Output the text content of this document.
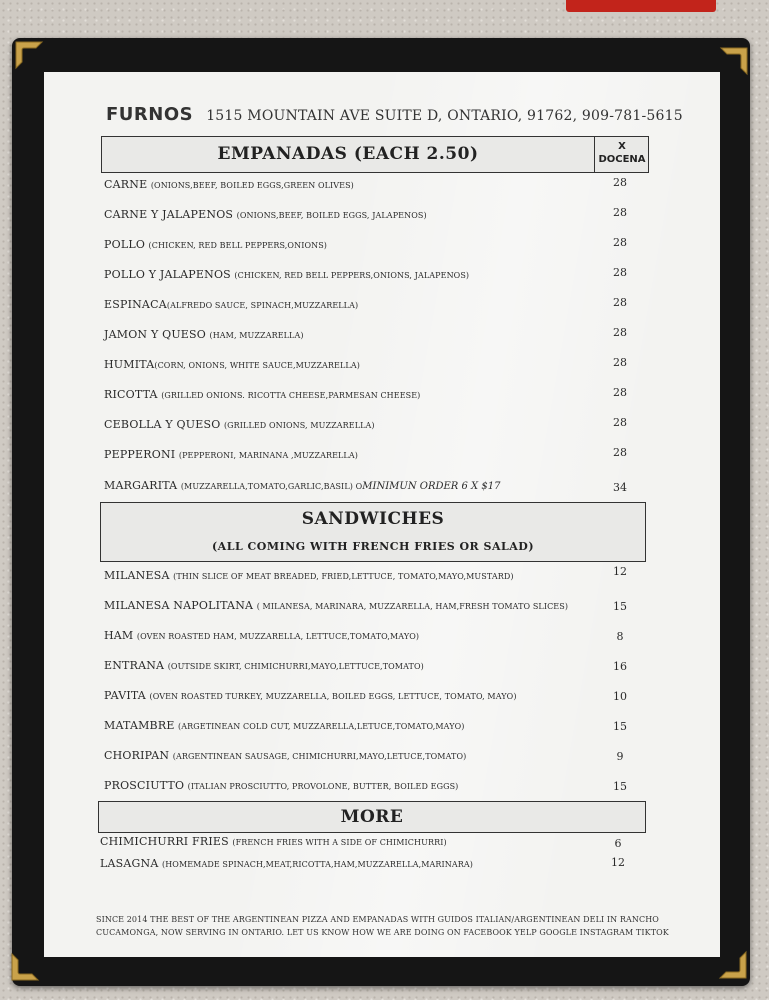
FURNOS 1515 MOUNTAIN AVE SUITE D, ONTARIO, 91762, 909-781-5615
EMPANADAS (EACH 2.50)	X
DOCENA
CARNE (ONIONS,BEEF, BOILED EGGS,GREEN OLIVES)	28
CARNE Y JALAPENOS (ONIONS,BEEF, BOILED EGGS, JALAPENOS)	28
POLLO (CHICKEN, RED BELL PEPPERS,ONIONS)	28
POLLO Y JALAPENOS (CHICKEN, RED BELL PEPPERS,ONIONS, JALAPENOS)	28
ESPINACA(ALFREDO SAUCE, SPINACH,MUZZARELLA)	28
JAMON Y QUESO (HAM, MUZZARELLA)	28
HUMITA(CORN, ONIONS, WHITE SAUCE,MUZZARELLA)	28
RICOTTA (GRILLED ONIONS. RICOTTA CHEESE,PARMESAN CHEESE)	28
CEBOLLA Y QUESO (GRILLED ONIONS, MUZZARELLA)	28
PEPPERONI (PEPPERONI, MARINANA ,MUZZARELLA)	28
MARGARITA (MUZZARELLA,TOMATO,GARLIC,BASIL) OMINIMUN ORDER 6 X $17	34
SANDWICHES
(ALL COMING WITH FRENCH FRIES OR SALAD)
MILANESA (THIN SLICE OF MEAT BREADED, FRIED,LETTUCE, TOMATO,MAYO,MUSTARD)	12
MILANESA NAPOLITANA ( MILANESA, MARINARA, MUZZARELLA, HAM,FRESH TOMATO SLICES)	15
HAM (OVEN ROASTED HAM, MUZZARELLA, LETTUCE,TOMATO,MAYO)	8
ENTRANA (OUTSIDE SKIRT, CHIMICHURRI,MAYO,LETTUCE,TOMATO)	16
PAVITA (OVEN ROASTED TURKEY, MUZZARELLA, BOILED EGGS, LETTUCE, TOMATO, MAYO)	10
MATAMBRE (ARGETINEAN COLD CUT, MUZZARELLA,LETUCE,TOMATO,MAYO)	15
CHORIPAN (ARGENTINEAN SAUSAGE, CHIMICHURRI,MAYO,LETUCE,TOMATO)	9
PROSCIUTTO (ITALIAN PROSCIUTTO, PROVOLONE, BUTTER, BOILED EGGS)	15
MORE
CHIMICHURRI FRIES (FRENCH FRIES WITH A SIDE OF CHIMICHURRI)	6
LASAGNA (HOMEMADE SPINACH,MEAT,RICOTTA,HAM,MUZZARELLA,MARINARA)	12
SINCE 2014 THE BEST OF THE ARGENTINEAN PIZZA AND EMPANADAS WITH GUIDOS ITALIAN/ARGENTINEAN DELI IN RANCHO
CUCAMONGA, NOW SERVING IN ONTARIO. LET US KNOW HOW WE ARE DOING ON FACEBOOK YELP GOOGLE INSTAGRAM TIKTOK
